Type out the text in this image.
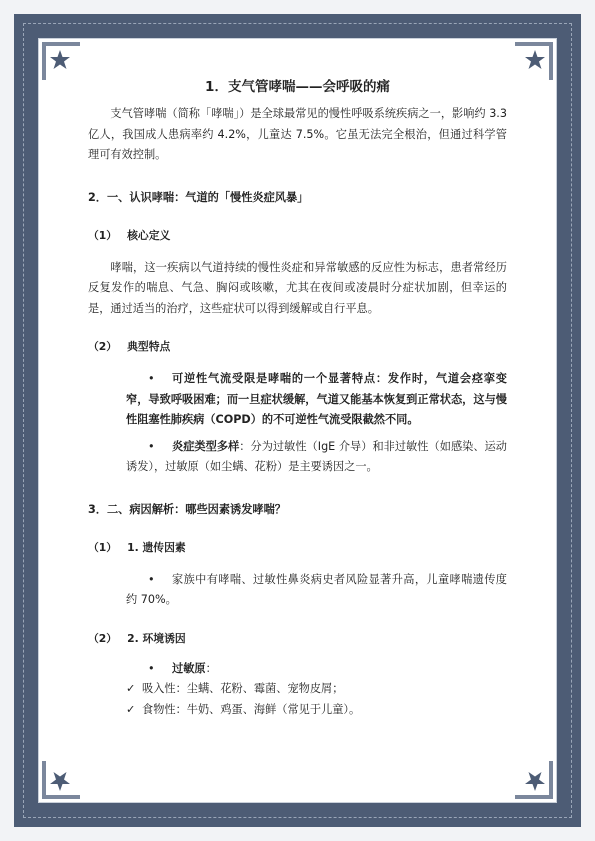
1．支气管哮喘——会呼吸的痛

支气管哮喘（简称「哮喘」）是全球最常见的慢性呼吸系统疾病之一，影响约 3.3 亿人，我国成人患病率约 4.2%，儿童达 7.5%。它虽无法完全根治，但通过科学管理可有效控制。

2．一、认识哮喘：气道的「慢性炎症风暴」
（1） 核心定义

哮喘，这一疾病以气道持续的慢性炎症和异常敏感的反应性为标志，患者常经历反复发作的喘息、气急、胸闷或咳嗽，尤其在夜间或凌晨时分症状加剧，但幸运的是，通过适当的治疗，这些症状可以得到缓解或自行平息。

（2） 典型特点
•	可逆性气流受限是哮喘的一个显著特点：发作时，气道会痉挛变窄，导致呼吸困难；而一旦症状缓解，气道又能基本恢复到正常状态，这与慢性阻塞性肺疾病（COPD）的不可逆性气流受限截然不同。
•	炎症类型多样：分为过敏性（IgE 介导）和非过敏性（如感染、运动诱发），过敏原（如尘螨、花粉）是主要诱因之一。
3．二、病因解析：哪些因素诱发哮喘？
（1） 1. 遗传因素
•	家族中有哮喘、过敏性鼻炎病史者风险显著升高，儿童哮喘遗传度约 70%。
（2） 2. 环境诱因
•	过敏原：
✓ 吸入性：尘螨、花粉、霉菌、宠物皮屑；
✓ 食物性：牛奶、鸡蛋、海鲜（常见于儿童）。
